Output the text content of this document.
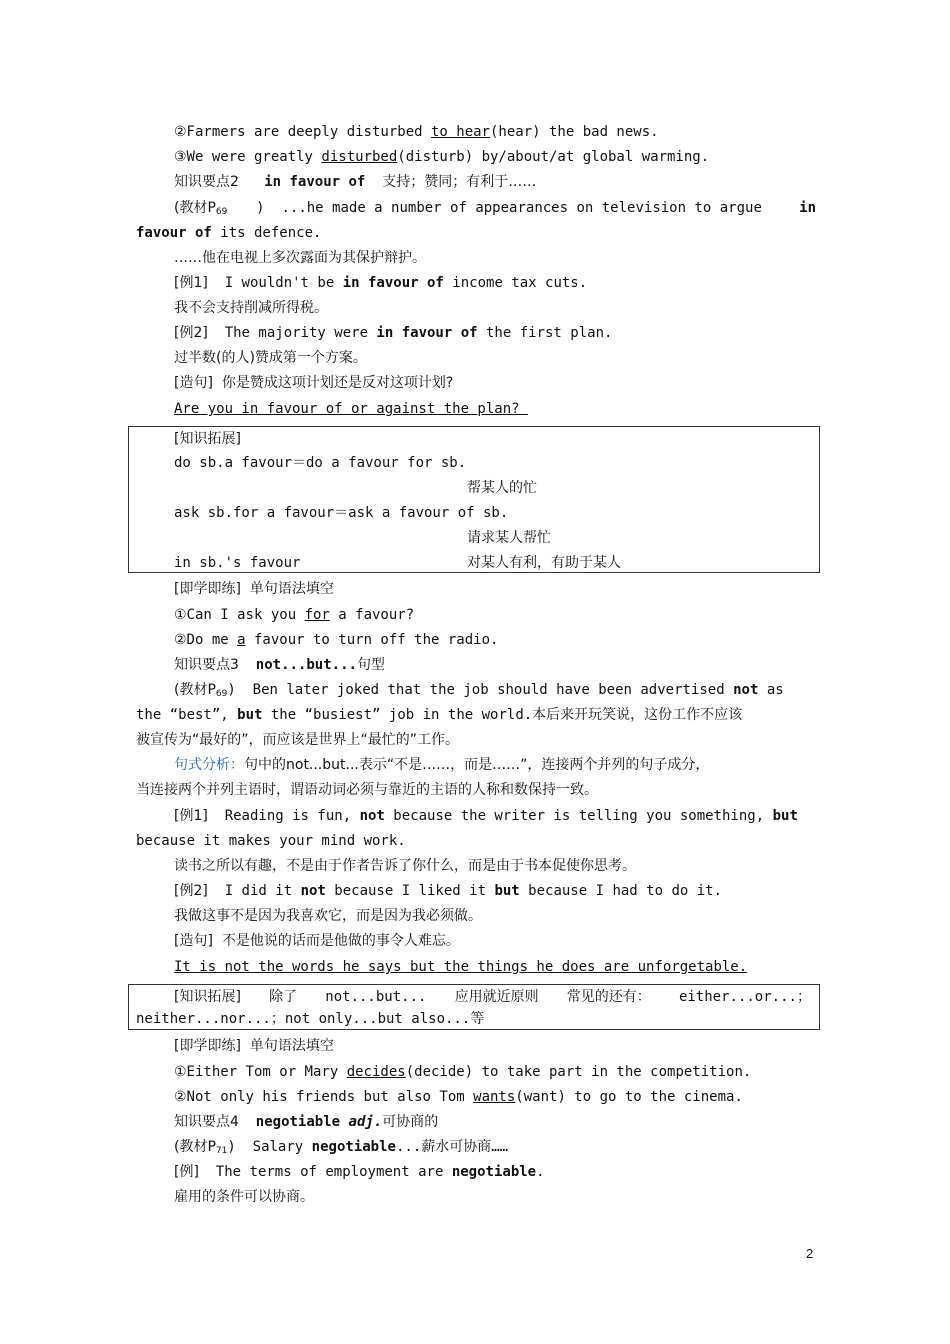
②Farmers are deeply disturbed to hear(hear) the bad news.
③We were greatly disturbed(disturb) by/about/at global warming.
知识要点2 in favour of 支持；赞同；有利于……
(教材$P_{69}$ )  ...he made a number of appearances on television to argue in
favour of its defence.
……他在电视上多次露面为其保护辩护。
[例1] I wouldn't be in favour of income tax cuts.
我不会支持削减所得税。
[例2] The majority were in favour of the first plan.
过半数(的人)赞成第一个方案。
[造句] 你是赞成这项计划还是反对这项计划?
Are you in favour of or against the plan?
[知识拓展]
do sb.a favour＝do a favour for sb.
帮某人的忙
ask sb.for a favour＝ask a favour of sb.
请求某人帮忙
in sb.'s favour	对某人有利，有助于某人
[即学即练] 单句语法填空
①Can I ask you for a favour?
②Do me a favour to turn off the radio.
知识要点3 not...but...句型
(教材$P_{69}$)  Ben later joked that the job should have been advertised not as
the “best”, but the “busiest” job in the world.本后来开玩笑说，这份工作不应该
被宣传为“最好的”，而应该是世界上“最忙的”工作。
句式分析：句中的not...but...表示“不是……，而是……”，连接两个并列的句子成分，
当连接两个并列主语时，谓语动词必须与靠近的主语的人称和数保持一致。
[例1] Reading is fun, not because the writer is telling you something, but
because it makes your mind work.
读书之所以有趣，不是由于作者告诉了你什么，而是由于书本促使你思考。
[例2] I did it not because I liked it but because I had to do it.
我做这事不是因为我喜欢它，而是因为我必须做。
[造句] 不是他说的话而是他做的事令人难忘。
It is not the words he says but the things he does are unforgetable.
[知识拓展] 除了 not...but... 应用就近原则 常见的还有： either...or...；
neither...nor...；not only...but also...等
[即学即练] 单句语法填空
①Either Tom or Mary decides(decide) to take part in the competition.
②Not only his friends but also Tom wants(want) to go to the cinema.
知识要点4 negotiable adj.可协商的
(教材$P_{71}$)  Salary negotiable...薪水可协商……
[例] The terms of employment are negotiable.
雇用的条件可以协商。
2
